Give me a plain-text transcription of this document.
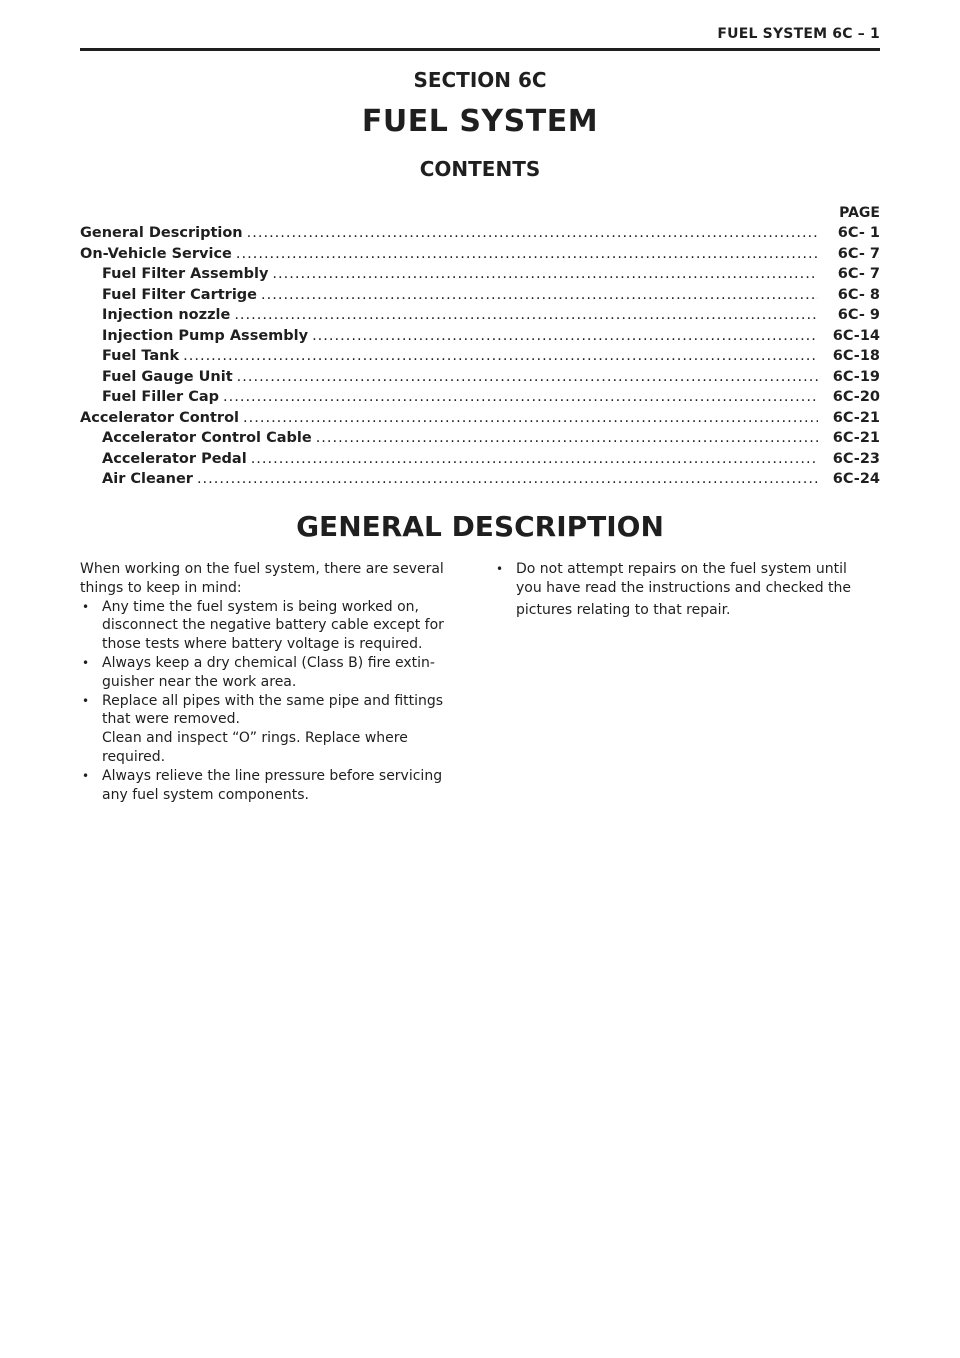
FUEL SYSTEM 6C – 1
SECTION 6C
FUEL SYSTEM
CONTENTS
PAGE
General Description .....	6C- 1
On-Vehicle Service .....	6C- 7
Fuel Filter Assembly .....	6C- 7
Fuel Filter Cartrige .....	6C- 8
Injection nozzle .....	6C- 9
Injection Pump Assembly .....	6C-14
Fuel Tank .....	6C-18
Fuel Gauge Unit .....	6C-19
Fuel Filler Cap .....	6C-20
Accelerator Control .....	6C-21
Accelerator Control Cable .....	6C-21
Accelerator Pedal .....	6C-23
Air Cleaner .....	6C-24
GENERAL DESCRIPTION

When working on the fuel system, there are several
things to keep in mind:

• Any time the fuel system is being worked on,
disconnect the negative battery cable except for
those tests where battery voltage is required.
• Always keep a dry chemical (Class B) fire extin-
guisher near the work area.
• Replace all pipes with the same pipe and fittings
that were removed.
Clean and inspect “O” rings. Replace where
required.
• Always relieve the line pressure before servicing
any fuel system components.
• Do not attempt repairs on the fuel system until
you have read the instructions and checked the
pictures relating to that repair.
